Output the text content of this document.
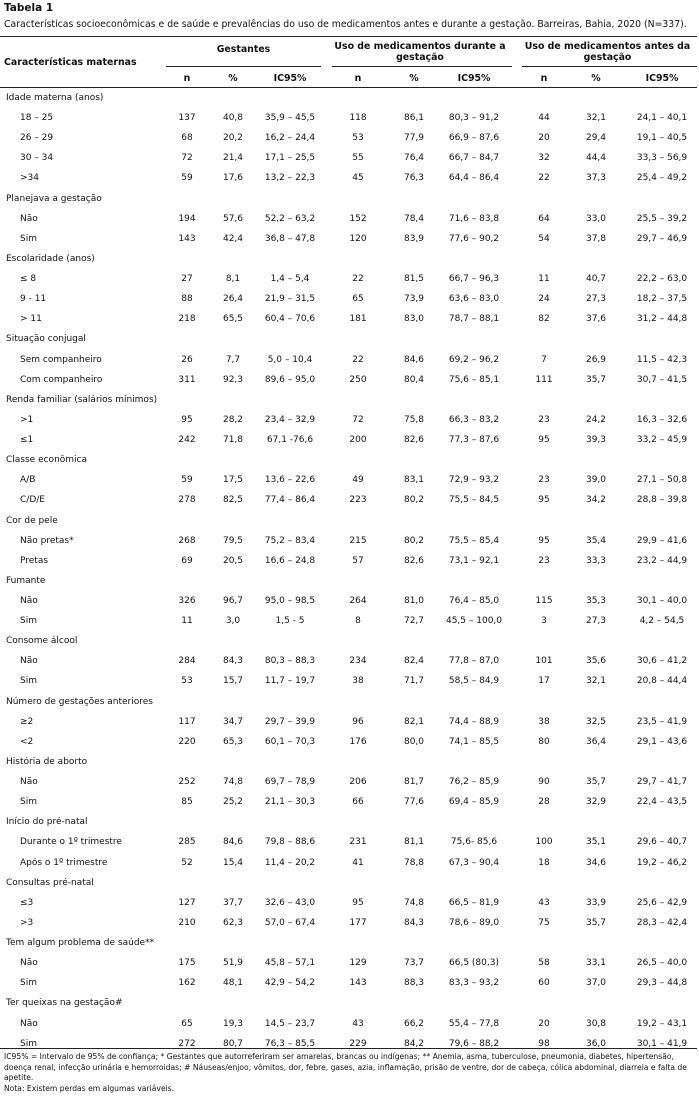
Tabela 1
Características socioeconômicas e de saúde e prevalências do uso de medicamentos antes e durante a gestação. Barreiras, Bahia, 2020 (N=337).
Características maternas
Gestantes	Uso de medicamentos durante a gestação
Uso de medicamentos antes da gestação
IC95% = Intervalo de 95% de confiança; * Gestantes que autorreferiram ser amarelas, brancas ou indígenas; ** Anemia, asma, tuberculose, pneumonia, diabetes, hipertensão, doença renal, infecção urinária e hemorroidas; # Náuseas/enjoo, vômitos, dor, febre, gases, azia, inflamação, prisão de ventre, dor de cabeça, cólica abdominal, diarreia e falta de apetite.
Nota: Existem perdas em algumas variáveis.
n	%	IC95%	n	%	IC95%	n	%	IC95%
Idade materna (anos)
18 – 25	137	40,8	35,9 – 45,5	118	86,1	80,3 – 91,2	44	32,1	24,1 – 40,1
26 – 29	68	20,2	16,2 – 24,4	53	77,9	66,9 – 87,6	20	29,4	19,1 – 40,5
30 – 34	72	21,4	17,1 – 25,5	55	76,4	66,7 – 84,7	32	44,4	33,3 – 56,9
>34	59	17,6	13,2 – 22,3	45	76,3	64,4 – 86,4	22	37,3	25,4 – 49,2
Planejava a gestação
Não	194	57,6	52,2 – 63,2	152	78,4	71,6 – 83,8	64	33,0	25,5 – 39,2
Sim	143	42,4	36,8 – 47,8	120	83,9	77,6 – 90,2	54	37,8	29,7 – 46,9
Escolaridade (anos)
≤ 8	27	8,1	1,4 – 5,4	22	81,5	66,7 – 96,3	11	40,7	22,2 – 63,0
9 - 11	88	26,4	21,9 – 31,5	65	73,9	63,6 – 83,0	24	27,3	18,2 – 37,5
> 11	218	65,5	60,4 – 70,6	181	83,0	78,7 – 88,1	82	37,6	31,2 – 44,8
Situação conjugal
Sem companheiro	26	7,7	5,0 – 10,4	22	84,6	69,2 – 96,2	7	26,9	11,5 – 42,3
Com companheiro	311	92,3	89,6 – 95,0	250	80,4	75,6 – 85,1	111	35,7	30,7 – 41,5
Renda familiar (salários mínimos)
>1	95	28,2	23,4 – 32,9	72	75,8	66,3 – 83,2	23	24,2	16,3 – 32,6
≤1	242	71,8	67,1 -76,6	200	82,6	77,3 – 87,6	95	39,3	33,2 – 45,9
Classe econômica
A/B	59	17,5	13,6 – 22,6	49	83,1	72,9 – 93,2	23	39,0	27,1 – 50,8
C/D/E	278	82,5	77,4 – 86,4	223	80,2	75,5 – 84,5	95	34,2	28,8 – 39,8
Cor de pele
Não pretas*	268	79,5	75,2 – 83,4	215	80,2	75,5 – 85,4	95	35,4	29,9 – 41,6
Pretas	69	20,5	16,6 – 24,8	57	82,6	73,1 – 92,1	23	33,3	23,2 – 44,9
Fumante
Não	326	96,7	95,0 – 98,5	264	81,0	76,4 – 85,0	115	35,3	30,1 – 40,0
Sim	11	3,0	1,5 - 5	8	72,7	45,5 – 100,0	3	27,3	4,2 – 54,5
Consome álcool
Não	284	84,3	80,3 – 88,3	234	82,4	77,8 – 87,0	101	35,6	30,6 – 41,2
Sim	53	15,7	11,7 – 19,7	38	71,7	58,5 – 84,9	17	32,1	20,8 – 44,4
Número de gestações anteriores
≥2	117	34,7	29,7 – 39,9	96	82,1	74,4 – 88,9	38	32,5	23,5 – 41,9
<2	220	65,3	60,1 – 70,3	176	80,0	74,1 – 85,5	80	36,4	29,1 – 43,6
História de aborto
Não	252	74,8	69,7 – 78,9	206	81,7	76,2 – 85,9	90	35,7	29,7 – 41,7
Sim	85	25,2	21,1 – 30,3	66	77,6	69,4 – 85,9	28	32,9	22,4 – 43,5
Início do pré-natal
Durante o 1º trimestre	285	84,6	79,8 – 88,6	231	81,1	75,6- 85,6	100	35,1	29,6 – 40,7
Após o 1º trimestre	52	15,4	11,4 – 20,2	41	78,8	67,3 – 90,4	18	34,6	19,2 – 46,2
Consultas pré-natal
≤3	127	37,7	32,6 – 43,0	95	74,8	66,5 – 81,9	43	33,9	25,6 – 42,9
>3	210	62,3	57,0 – 67,4	177	84,3	78,6 – 89,0	75	35,7	28,3 – 42,4
Tem algum problema de saúde**
Não	175	51,9	45,8 – 57,1	129	73,7	66,5 (80,3)	58	33,1	26,5 – 40,0
Sim	162	48,1	42,9 – 54,2	143	88,3	83,3 – 93,2	60	37,0	29,3 – 44,8
Ter queixas na gestação#
Não	65	19,3	14,5 – 23,7	43	66,2	55,4 – 77,8	20	30,8	19,2 – 43,1
Sim	272	80,7	76,3 – 85,5	229	84,2	79,6 – 88,2	98	36,0	30,1 – 41,9
